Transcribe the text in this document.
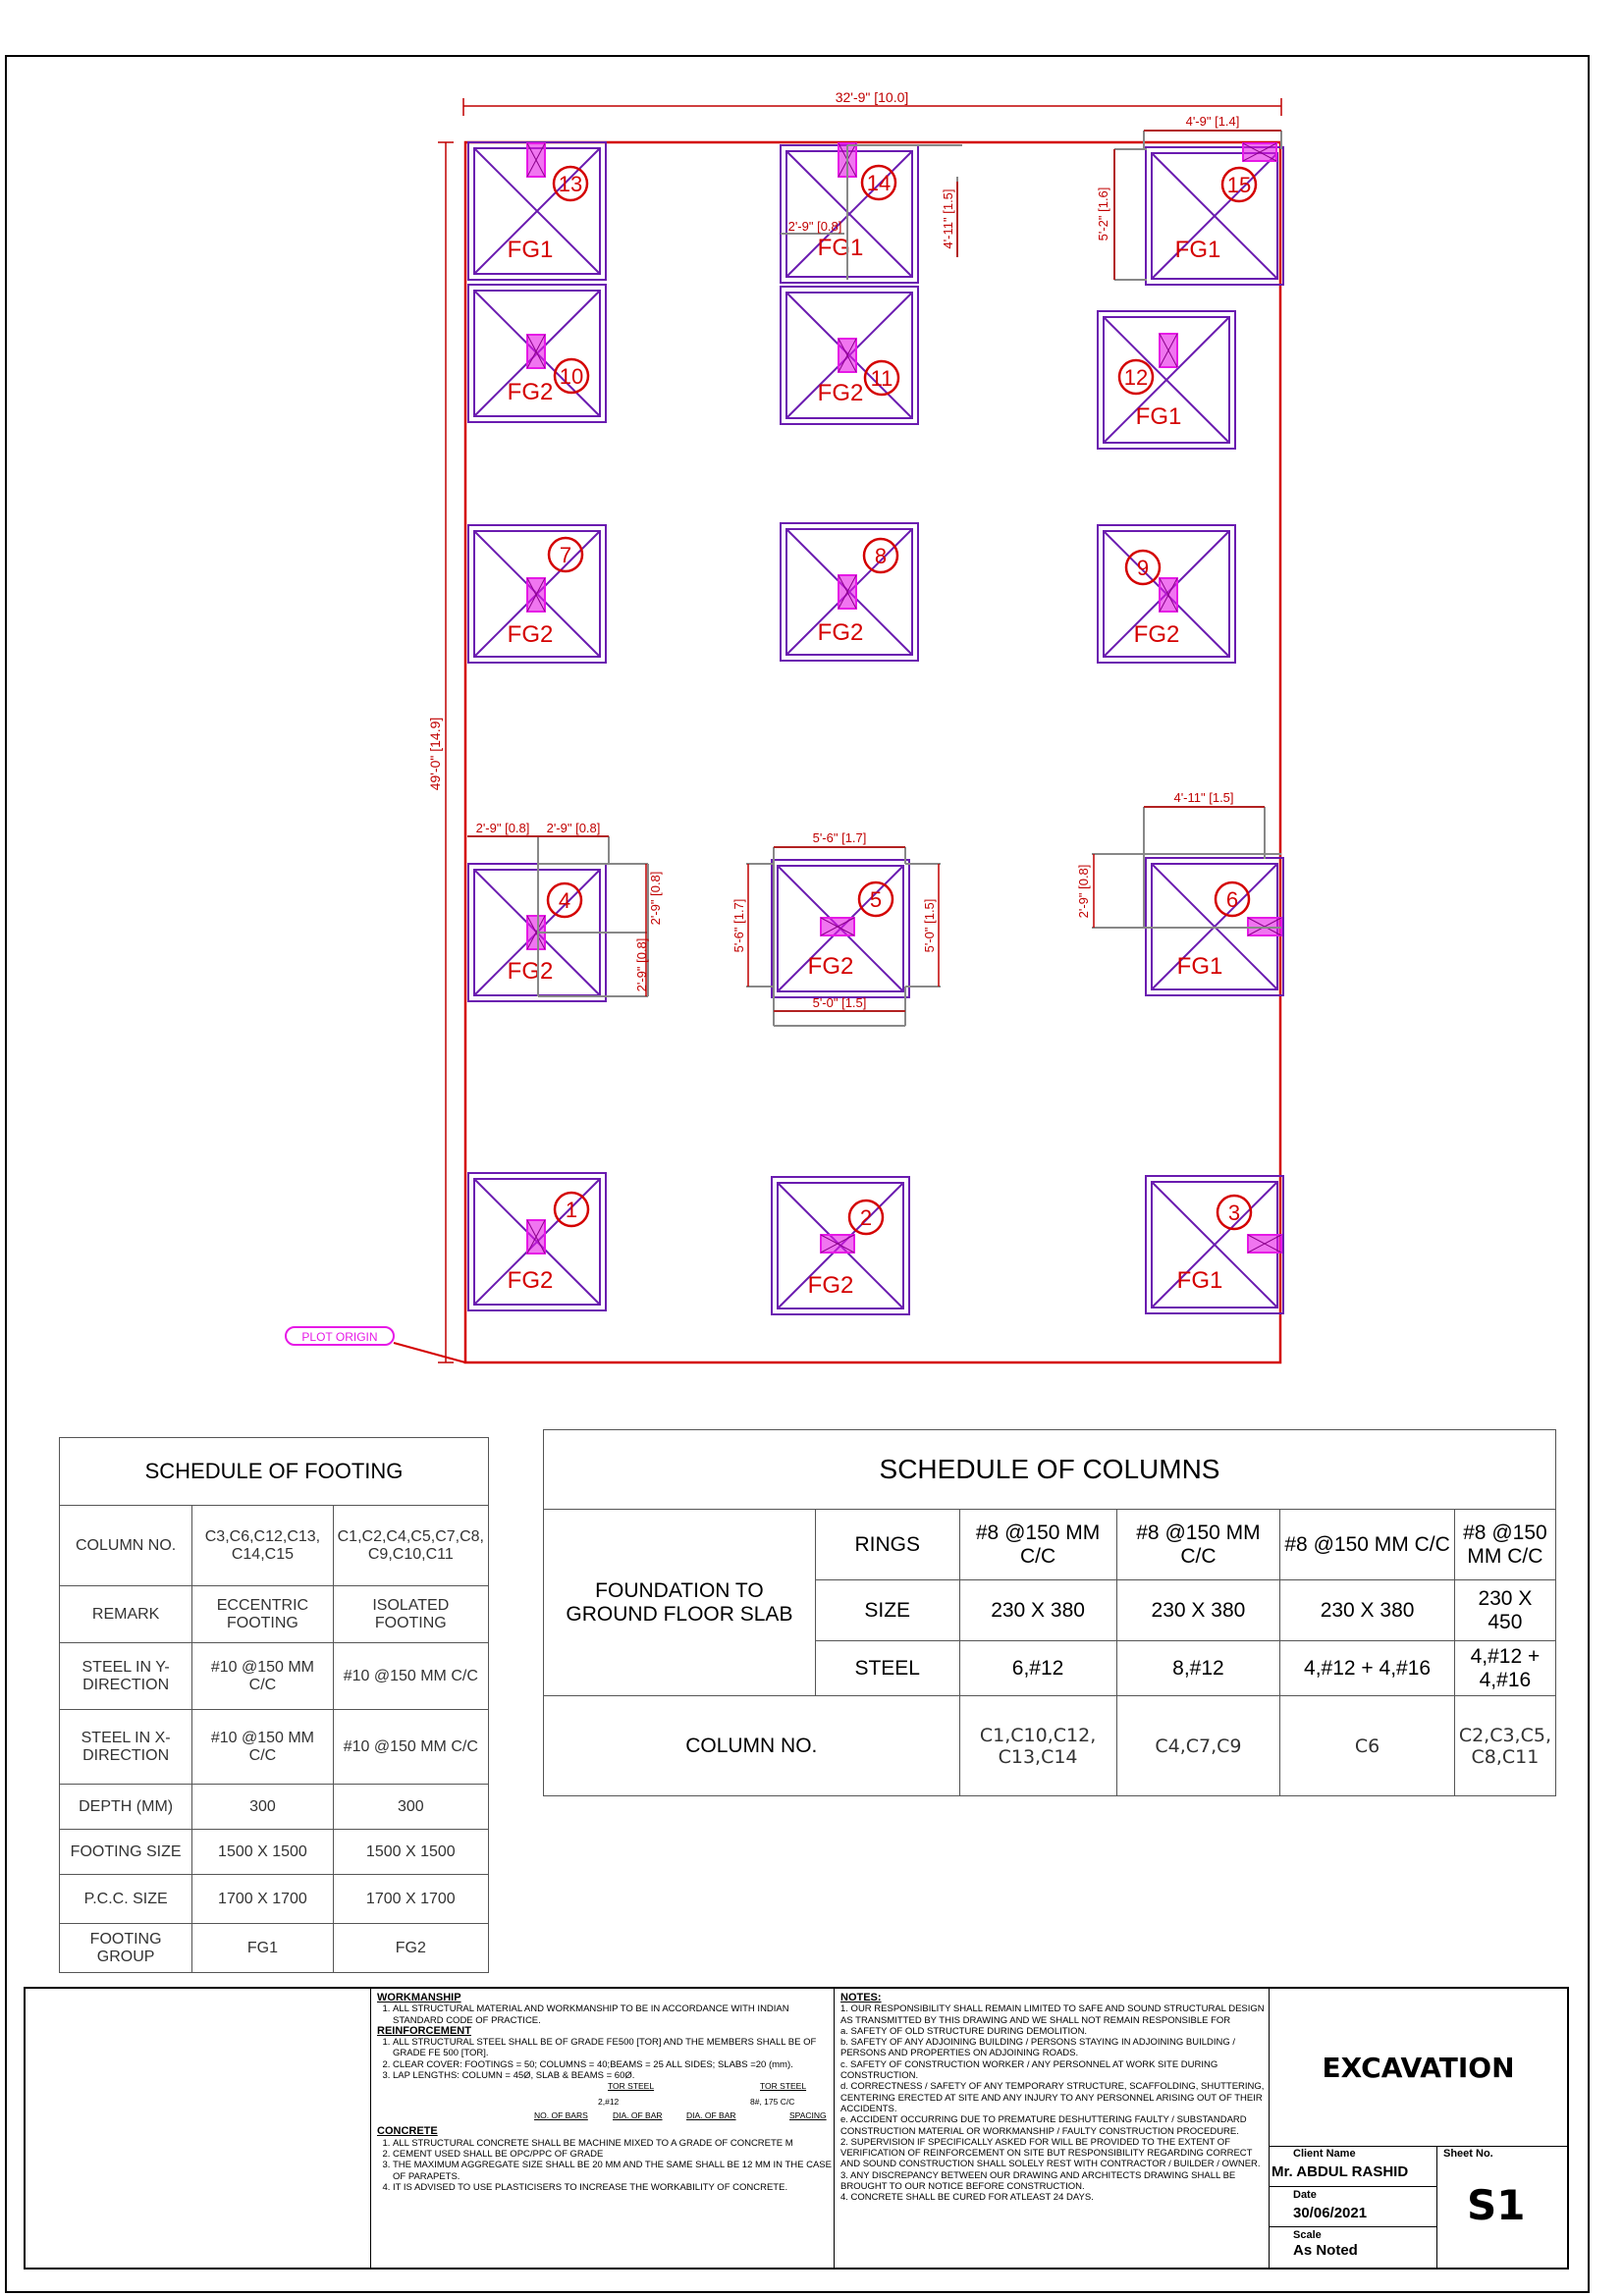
32'-9" [10.0]
49'-0" [14.9]
PLOT ORIGIN
1
FG2
2
FG2
3
FG1
4
FG2
5
FG2
6
FG1
7
FG2
8
FG2
9
FG2
10
FG2
11
FG2
12
FG1
13
FG1
14
FG1
15
FG1
4'-9" [1.4]
5'-2" [1.6]
2'-9" [0.8]	4'-11" [1.5]
2'-9" [0.8] 2'-9" [0.8]
2'-9" [0.8]
2'-9" [0.8]
5'-6" [1.7]
5'-6" [1.7]	5'-0" [1.5]
5'-0" [1.5]
4'-11" [1.5]
2'-9" [0.8]
SCHEDULE OF FOOTING		
COLUMN NO.	C3,C6,C12,C13, C14,C15	C1,C2,C4,C5,C7,C8, C9,C10,C11
REMARK	ECCENTRIC FOOTING	ISOLATED FOOTING
STEEL IN Y-DIRECTION	#10 @150 MM C/C	#10 @150 MM C/C
STEEL IN X-DIRECTION	#10 @150 MM C/C	#10 @150 MM C/C
DEPTH (MM)	300	300
FOOTING SIZE	1500 X 1500	1500 X 1500
P.C.C. SIZE	1700 X 1700	1700 X 1700
FOOTING GROUP	FG1	FG2
SCHEDULE OF COLUMNS					
FOUNDATION TO GROUND FLOOR SLAB	RINGS	#8 @150 MM C/C	#8 @150 MM C/C	#8 @150 MM C/C	#8 @150 MM C/C
	SIZE	230 X 380	230 X 380	230 X 380	230 X 450
	STEEL	6,#12	8,#12	4,#12 + 4,#16	4,#12 + 4,#16
COLUMN NO.		C1,C10,C12, C13,C14	C4,C7,C9	C6	C2,C3,C5, C8,C11
WORKMANSHIP
1. ALL STRUCTURAL MATERIAL AND WORKMANSHIP TO BE IN ACCORDANCE WITH INDIAN STANDARD CODE OF PRACTICE.
REINFORCEMENT
1. ALL STRUCTURAL STEEL SHALL BE OF GRADE FE500 [TOR] AND THE MEMBERS SHALL BE OF GRADE FE 500 [TOR].
2. CLEAR COVER: FOOTINGS = 50; COLUMNS = 40;BEAMS = 25 ALL SIDES; SLABS =20 (mm).
3. LAP LENGTHS: COLUMN = 45Ø, SLAB & BEAMS = 60Ø.
TOR STEEL	TOR STEEL
2,#12	8#, 175 C/C
NO. OF BARS	DIA. OF BAR	DIA. OF BAR	SPACING
CONCRETE
1. ALL STRUCTURAL CONCRETE SHALL BE MACHINE MIXED TO A GRADE OF CONCRETE M
2. CEMENT USED SHALL BE OPC/PPC OF GRADE
3. THE MAXIMUM AGGREGATE SIZE SHALL BE 20 MM AND THE SAME SHALL BE 12 MM IN THE CASE OF PARAPETS.
4. IT IS ADVISED TO USE PLASTICISERS TO INCREASE THE WORKABILITY OF CONCRETE.
NOTES:
1. OUR RESPONSIBILITY SHALL REMAIN LIMITED TO SAFE AND SOUND STRUCTURAL DESIGN AS TRANSMITTED BY THIS DRAWING AND WE SHALL NOT REMAIN RESPONSIBLE FOR
a. SAFETY OF OLD STRUCTURE DURING DEMOLITION.
b. SAFETY OF ANY ADJOINING BUILDING / PERSONS STAYING IN ADJOINING BUILDING / PERSONS AND PROPERTIES ON ADJOINING ROADS.
c. SAFETY OF CONSTRUCTION WORKER / ANY PERSONNEL AT WORK SITE DURING CONSTRUCTION.
d. CORRECTNESS / SAFETY OF ANY TEMPORARY STRUCTURE, SCAFFOLDING, SHUTTERING, CENTERING ERECTED AT SITE AND ANY INJURY TO ANY PERSONNEL ARISING OUT OF THEIR ACCIDENTS.
e. ACCIDENT OCCURRING DUE TO PREMATURE DESHUTTERING FAULTY / SUBSTANDARD CONSTRUCTION MATERIAL OR WORKMANSHIP / FAULTY CONSTRUCTION PROCEDURE.
2. SUPERVISION IF SPECIFICALLY ASKED FOR WILL BE PROVIDED TO THE EXTENT OF VERIFICATION OF REINFORCEMENT ON SITE BUT RESPONSIBILITY REGARDING CORRECT AND SOUND CONSTRUCTION SHALL SOLELY REST WITH CONTRACTOR / BUILDER / OWNER.
3. ANY DISCREPANCY BETWEEN OUR DRAWING AND ARCHITECTS DRAWING SHALL BE BROUGHT TO OUR NOTICE BEFORE CONSTRUCTION.
4. CONCRETE SHALL BE CURED FOR ATLEAST 24 DAYS.
EXCAVATION
Client Name
Mr. ABDUL RASHID
Date
30/06/2021
Scale
As Noted
Sheet No.
S1
